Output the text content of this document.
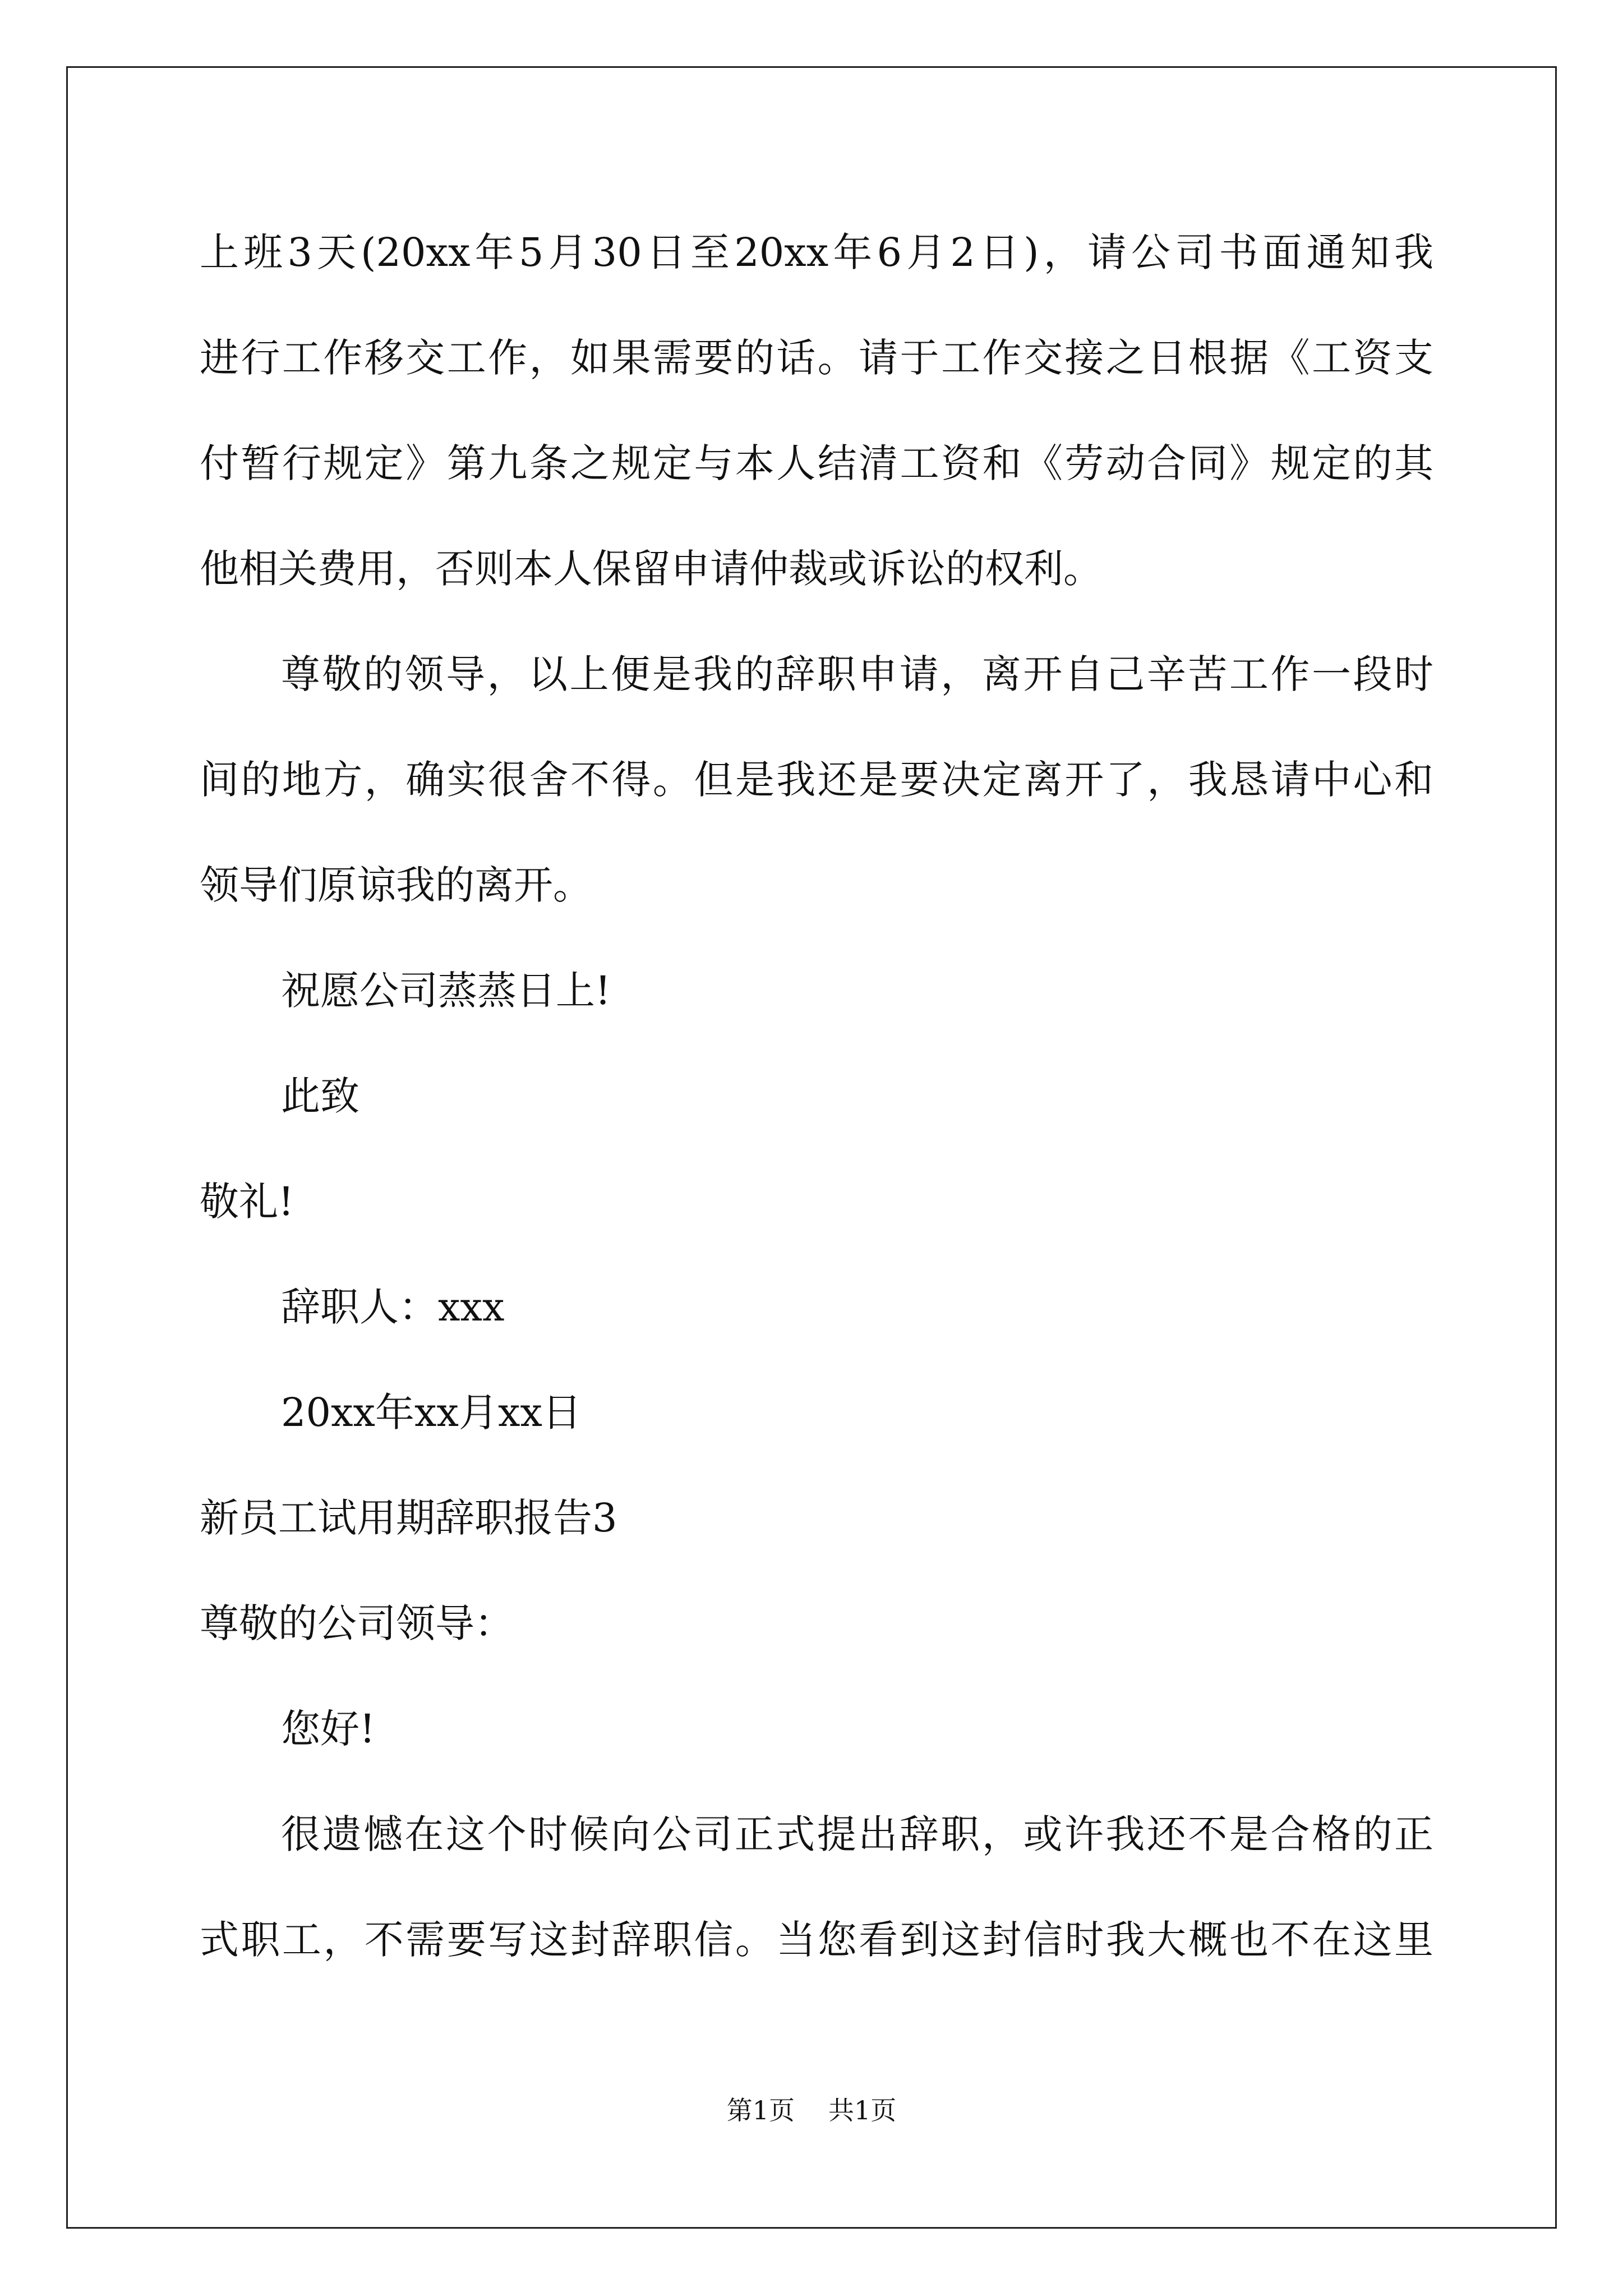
上班3天(20xx年5月30日至20xx年6月2日)，请公司书面通知我
进行工作移交工作，如果需要的话。请于工作交接之日根据《工资支
付暂行规定》第九条之规定与本人结清工资和《劳动合同》规定的其
他相关费用，否则本人保留申请仲裁或诉讼的权利。
尊敬的领导，以上便是我的辞职申请，离开自己辛苦工作一段时
间的地方，确实很舍不得。但是我还是要决定离开了，我恳请中心和
领导们原谅我的离开。
祝愿公司蒸蒸日上!
此致
敬礼!
辞职人：xxx
20xx年xx月xx日
新员工试用期辞职报告3
尊敬的公司领导：
您好!
很遗憾在这个时候向公司正式提出辞职，或许我还不是合格的正
式职工，不需要写这封辞职信。当您看到这封信时我大概也不在这里
第1页 共1页
